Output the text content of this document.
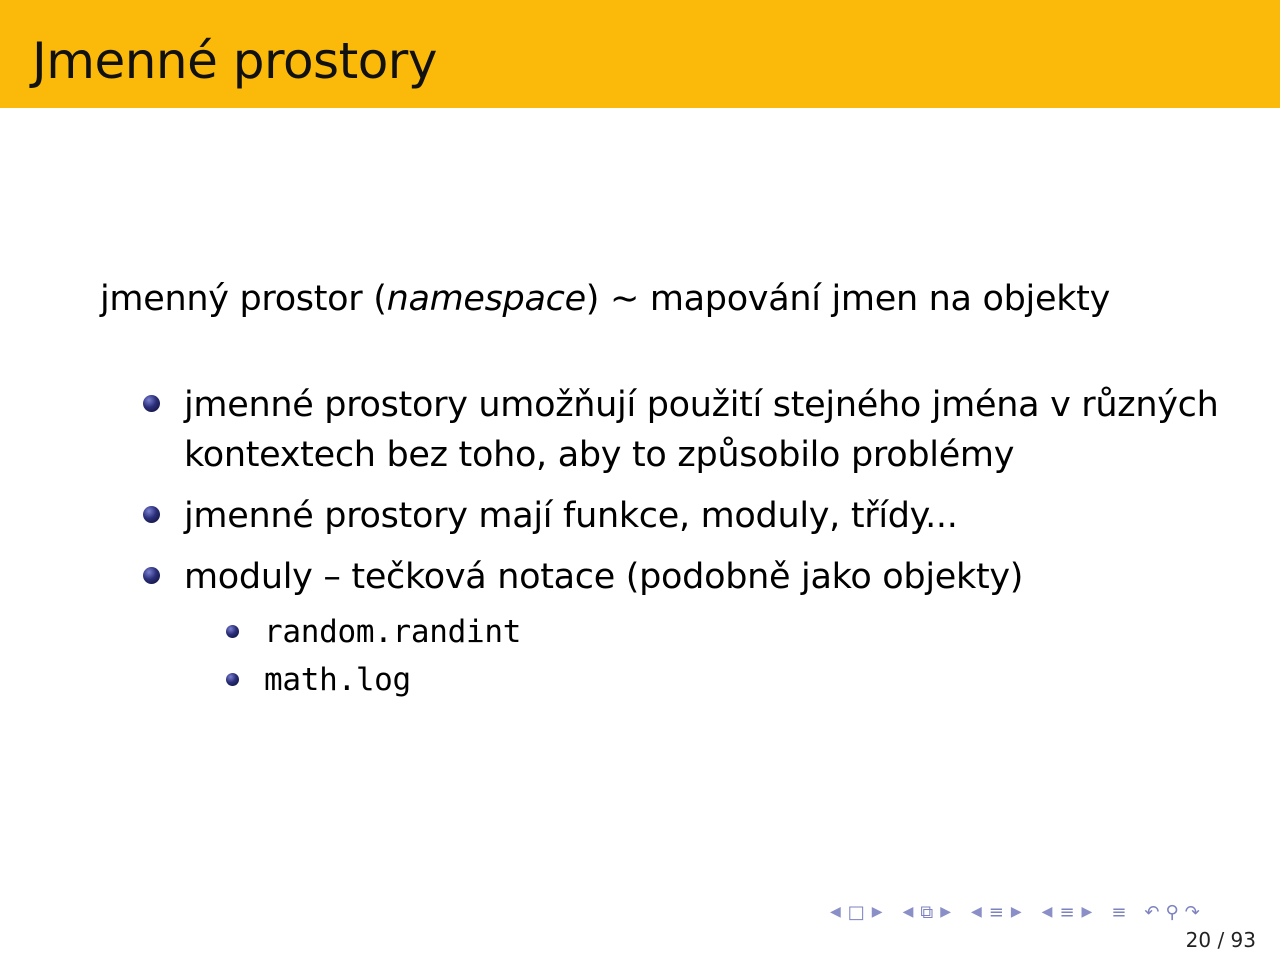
Jmenné prostory
jmenný prostor (namespace) ∼ mapování jmen na objekty
jmenné prostory umožňují použití stejného jména v různých kontextech bez toho, aby to způsobilo problémy
jmenné prostory mají funkce, moduly, třídy...
moduly – tečková notace (podobně jako objekty)
random.randint
math.log
◀ □ ▶ ◀ ⧉ ▶ ◀ ≡ ▶ ◀ ≡ ▶ ≡ ↶ ⚲ ↷
20 / 93
